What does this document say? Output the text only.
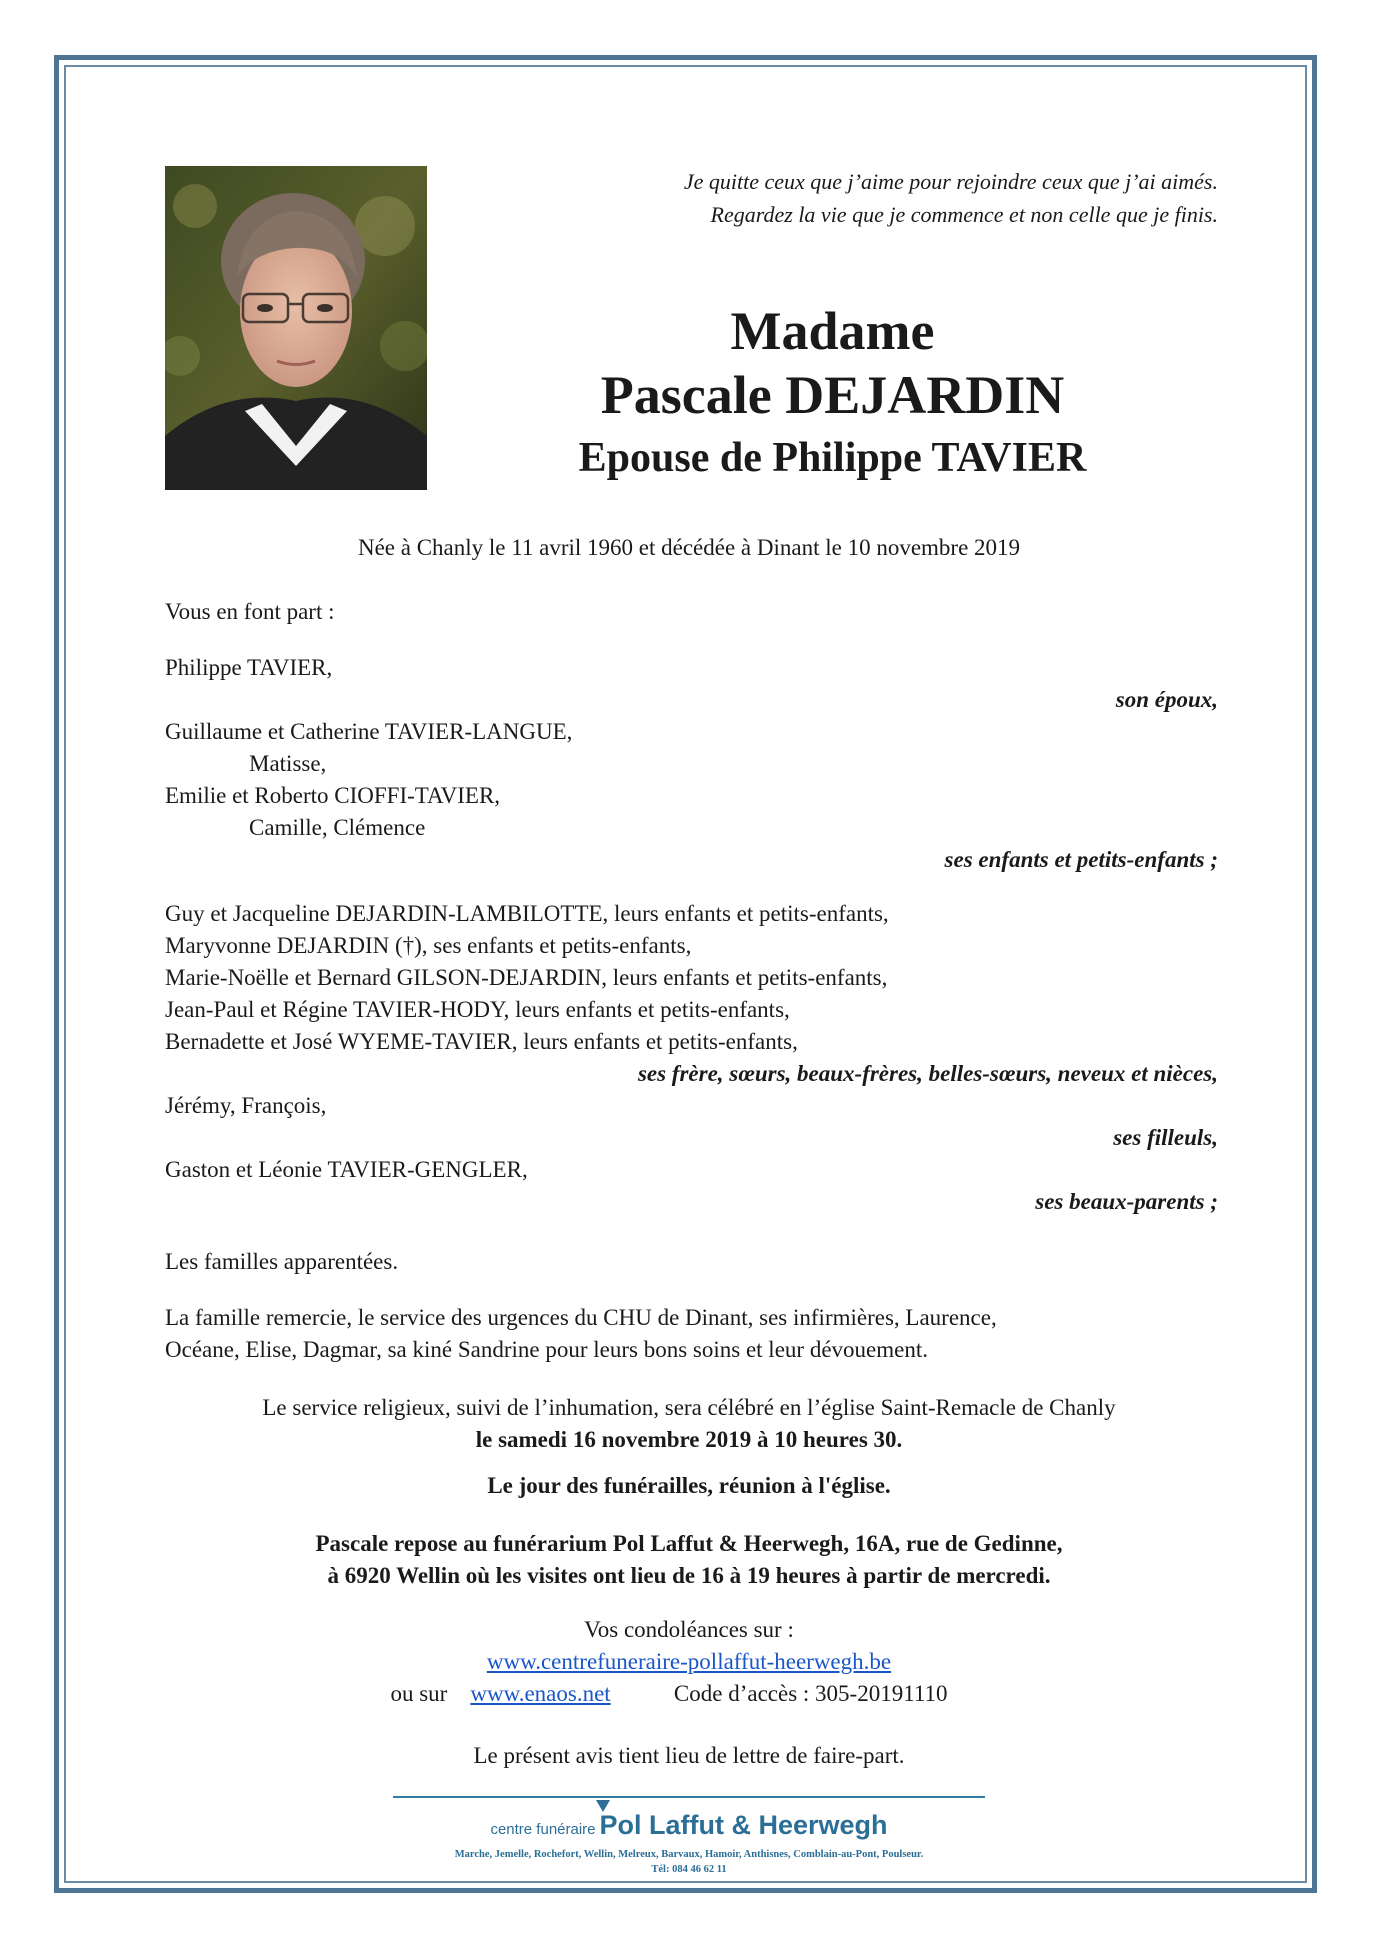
Je quitte ceux que j’aime pour rejoindre ceux que j’ai aimés.
Regardez la vie que je commence et non celle que je finis.
Madame
Pascale DEJARDIN
Epouse de Philippe TAVIER
Née à Chanly le 11 avril 1960 et décédée à Dinant le 10 novembre 2019
Vous en font part :
Philippe TAVIER,
son époux,
Guillaume et Catherine TAVIER-LANGUE,
Matisse,
Emilie et Roberto CIOFFI-TAVIER,
Camille, Clémence
ses enfants et petits-enfants ;
Guy et Jacqueline DEJARDIN-LAMBILOTTE, leurs enfants et petits-enfants,
Maryvonne DEJARDIN (†), ses enfants et petits-enfants,
Marie-Noëlle et Bernard GILSON-DEJARDIN, leurs enfants et petits-enfants,
Jean-Paul et Régine TAVIER-HODY, leurs enfants et petits-enfants,
Bernadette et José WYEME-TAVIER, leurs enfants et petits-enfants,
ses frère, sœurs, beaux-frères, belles-sœurs, neveux et nièces,
Jérémy, François,
ses filleuls,
Gaston et Léonie TAVIER-GENGLER,
ses beaux-parents ;
Les familles apparentées.
La famille remercie, le service des urgences du CHU de Dinant, ses infirmières, Laurence,
Océane, Elise, Dagmar, sa kiné Sandrine pour leurs bons soins et leur dévouement.
Le service religieux, suivi de l’inhumation, sera célébré en l’église Saint-Remacle de Chanly
le samedi 16 novembre 2019 à 10 heures 30.
Le jour des funérailles, réunion à l'église.
Pascale repose au funérarium Pol Laffut & Heerwegh, 16A, rue de Gedinne,
à 6920 Wellin où les visites ont lieu de 16 à 19 heures à partir de mercredi.
Vos condoléances sur :
www.centrefuneraire-pollaffut-heerwegh.be
ou sur www.enaos.net	Code d’accès : 305-20191110
Le présent avis tient lieu de lettre de faire-part.
centre funéraire Pol Laffut & Heerwegh
Marche, Jemelle, Rochefort, Wellin, Melreux, Barvaux, Hamoir, Anthisnes, Comblain-au-Pont, Poulseur.
Tél: 084 46 62 11
